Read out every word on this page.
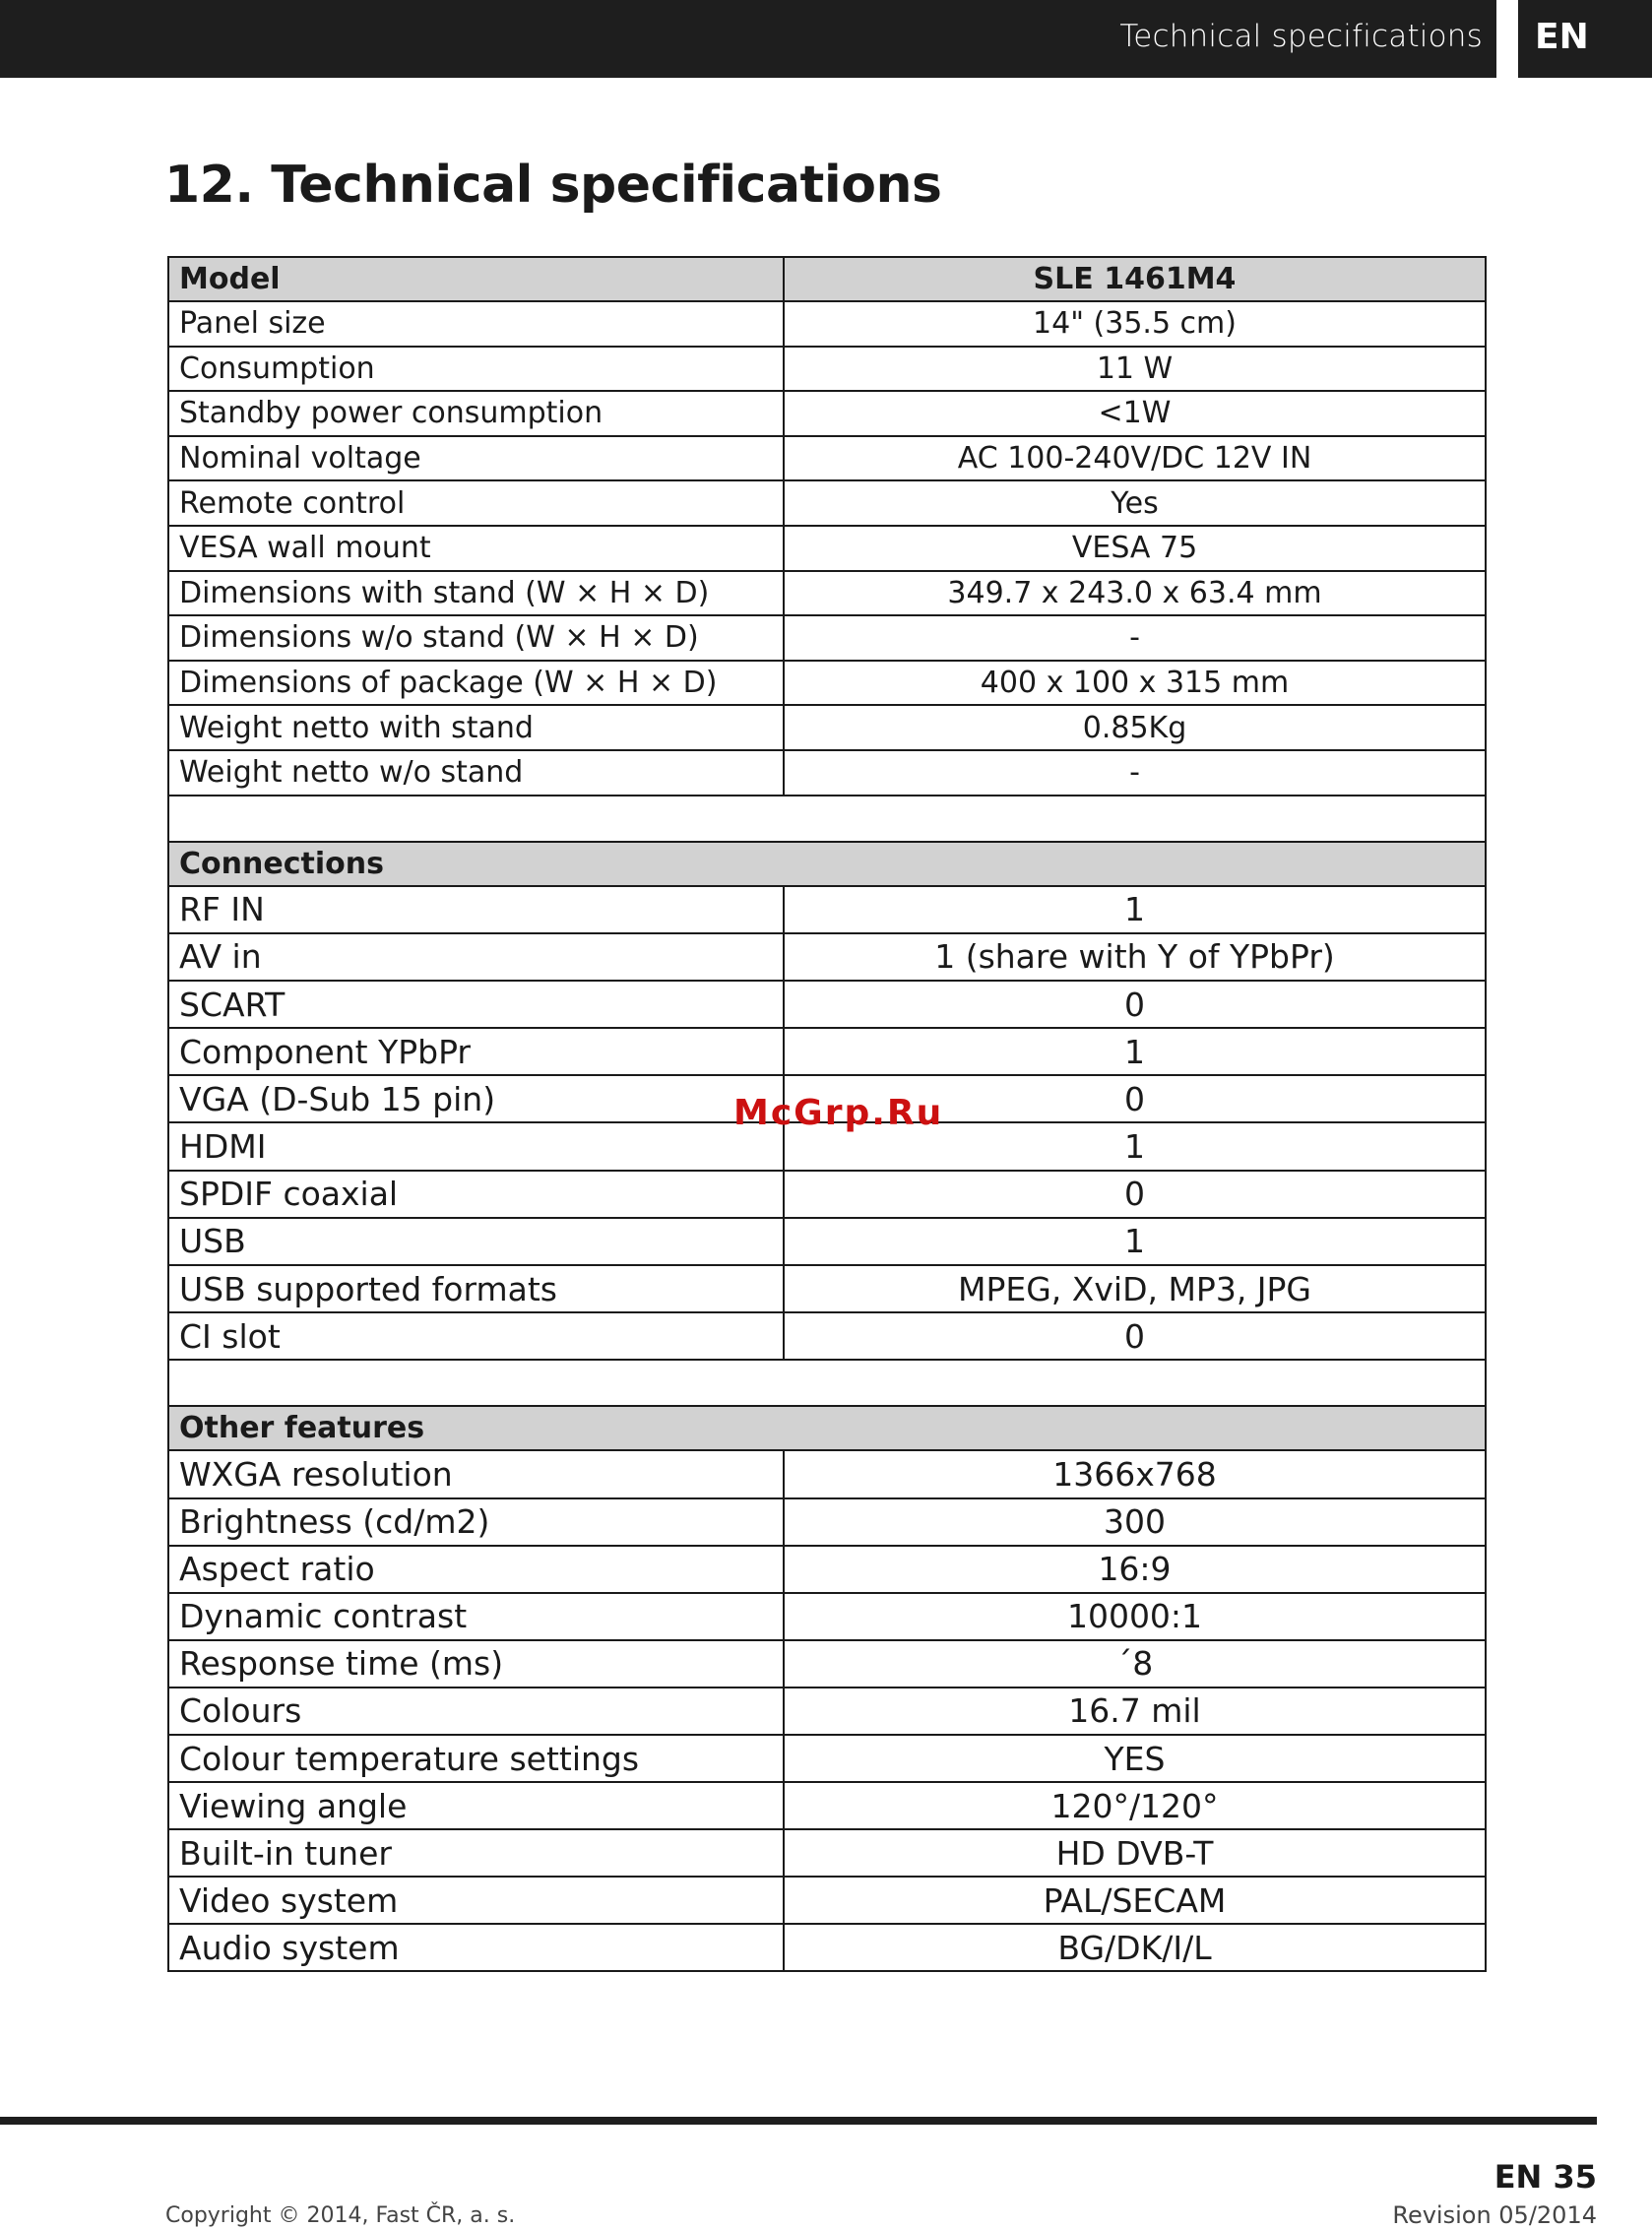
Technical specifications EN
12. Technical specifications
Model	SLE 1461M4
Panel size	14" (35.5 cm)
Consumption	11 W
Standby power consumption	<1W
Nominal voltage	AC 100-240V/DC 12V IN
Remote control	Yes
VESA wall mount	VESA 75
Dimensions with stand (W × H × D)	349.7 x 243.0 x 63.4 mm
Dimensions w/o stand (W × H × D)	-
Dimensions of package (W × H × D)	400 x 100 x 315 mm
Weight netto with stand	0.85Kg
Weight netto w/o stand	-

Connections	
RF IN	1
AV in	1 (share with Y of YPbPr)
SCART	0
Component YPbPr	1
VGA (D-Sub 15 pin)	0
HDMI	1
SPDIF coaxial	0
USB	1
USB supported formats	MPEG, XviD, MP3, JPG
CI slot	0

Other features	
WXGA resolution	1366x768
Brightness (cd/m2)	300
Aspect ratio	16:9
Dynamic contrast	10000:1
Response time (ms)	´8
Colours	16.7 mil
Colour temperature settings	YES
Viewing angle	120°/120°
Built-in tuner	HD DVB-T
Video system	PAL/SECAM
Audio system	BG/DK/I/L
McGrp.Ru
EN 35
Revision 05/2014
Copyright © 2014, Fast ČR, a. s.
